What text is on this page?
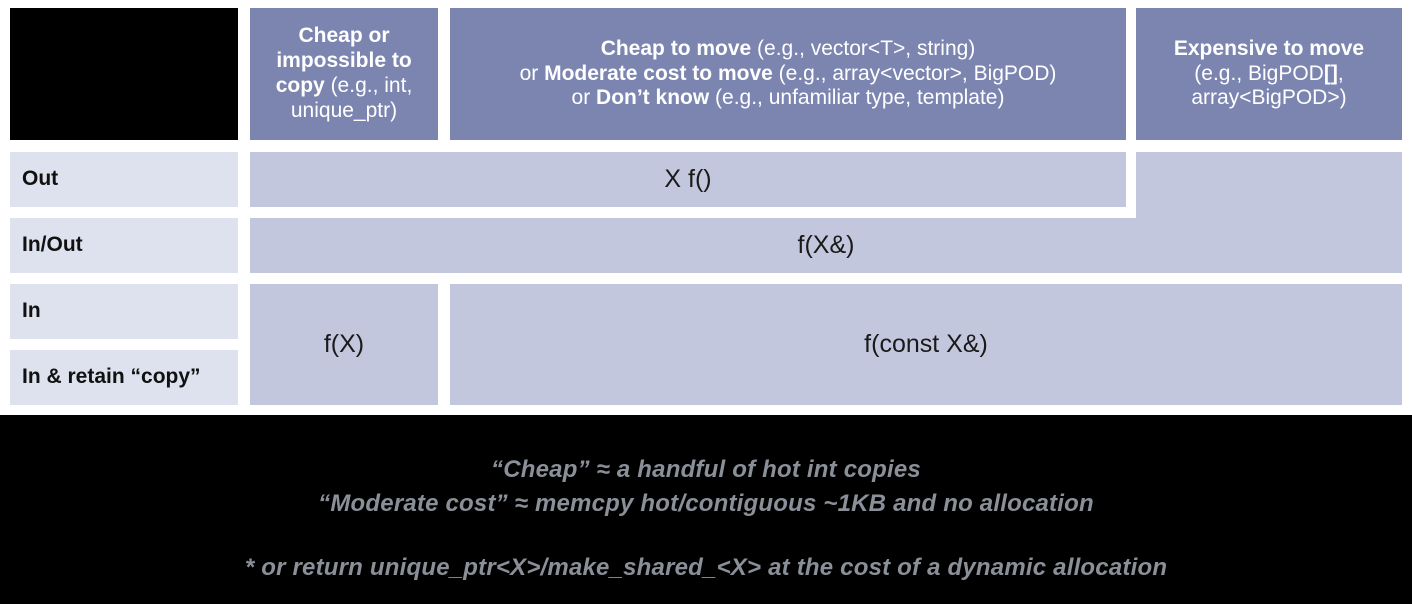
Cheap or impossible to copy (e.g., int, unique_ptr)
Cheap to move (e.g., vector<T>, string)
or Moderate cost to move (e.g., array<vector>, BigPOD)
or Don’t know (e.g., unfamiliar type, template)
Expensive to move
(e.g., BigPOD[],
array<BigPOD>)
Out
In/Out
In
In & retain “copy”
X f()
f(X&)
f(X)	f(const X&)
“Cheap” ≈ a handful of hot int copies
“Moderate cost” ≈ memcpy hot/contiguous ~1KB and no allocation
* or return unique_ptr<X>/make_shared_<X> at the cost of a dynamic allocation
